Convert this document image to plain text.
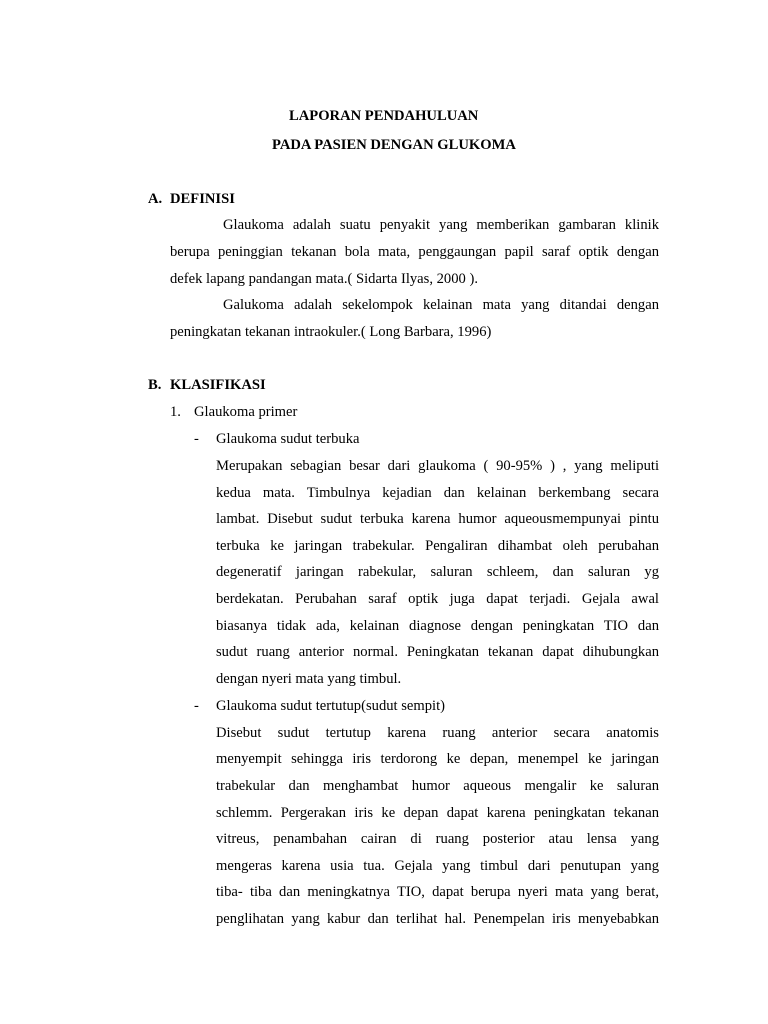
LAPORAN PENDAHULUAN
PADA PASIEN DENGAN GLUKOMA
A. DEFINISI
Glaukoma adalah suatu penyakit yang memberikan gambaran klinik
berupa peninggian tekanan bola mata, penggaungan papil saraf optik dengan
defek lapang pandangan mata.( Sidarta Ilyas, 2000 ).
Galukoma adalah sekelompok kelainan mata yang ditandai dengan
peningkatan tekanan intraokuler.( Long Barbara, 1996)
B. KLASIFIKASI
1. Glaukoma primer
- Glaukoma sudut terbuka
Merupakan sebagian besar dari glaukoma ( 90-95% ) , yang meliputi
kedua mata. Timbulnya kejadian dan kelainan berkembang secara
lambat. Disebut sudut terbuka karena humor aqueousmempunyai pintu
terbuka ke jaringan trabekular. Pengaliran dihambat oleh perubahan
degeneratif jaringan rabekular, saluran schleem, dan saluran yg
berdekatan. Perubahan saraf optik juga dapat terjadi. Gejala awal
biasanya tidak ada, kelainan diagnose dengan peningkatan TIO dan
sudut ruang anterior normal. Peningkatan tekanan dapat dihubungkan
dengan nyeri mata yang timbul.
- Glaukoma sudut tertutup(sudut sempit)
Disebut sudut tertutup karena ruang anterior secara anatomis
menyempit sehingga iris terdorong ke depan, menempel ke jaringan
trabekular dan menghambat humor aqueous mengalir ke saluran
schlemm. Pergerakan iris ke depan dapat karena peningkatan tekanan
vitreus, penambahan cairan di ruang posterior atau lensa yang
mengeras karena usia tua. Gejala yang timbul dari penutupan yang
tiba- tiba dan meningkatnya TIO, dapat berupa nyeri mata yang berat,
penglihatan yang kabur dan terlihat hal. Penempelan iris menyebabkan
